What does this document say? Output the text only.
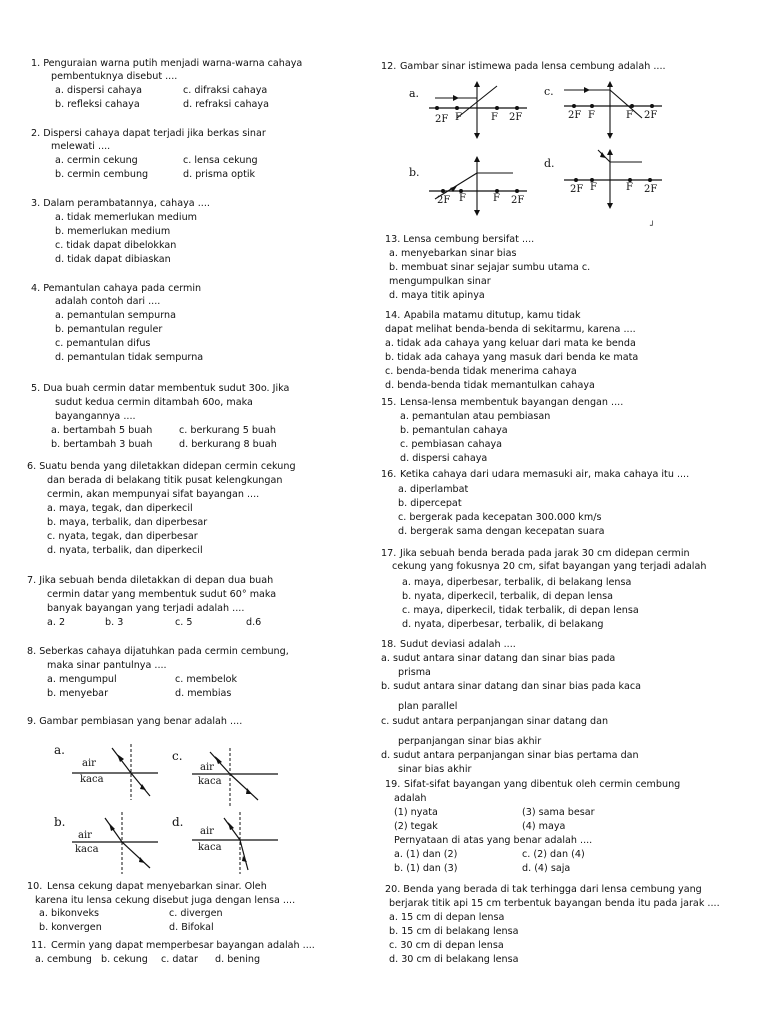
1. Penguraian warna putih menjadi warna-warna cahaya
pembentuknya disebut ....
a. dispersi cahaya
b. refleksi cahaya
c. difraksi cahaya
d. refraksi cahaya
2. Dispersi cahaya dapat terjadi jika berkas sinar
melewati ....
a. cermin cekung
b. cermin cembung
c. lensa cekung
d. prisma optik
3. Dalam perambatannya, cahaya ....
a. tidak memerlukan medium
b. memerlukan medium
c. tidak dapat dibelokkan
d. tidak dapat dibiaskan
4. Pemantulan cahaya pada cermin
adalah contoh dari ....
a. pemantulan sempurna
b. pemantulan reguler
c. pemantulan difus
d. pemantulan tidak sempurna
5. Dua buah cermin datar membentuk sudut 30o. Jika
sudut kedua cermin ditambah 60o, maka
bayangannya ....
a. bertambah 5 buah
b. bertambah 3 buah
c. berkurang 5 buah
d. berkurang 8 buah
6. Suatu benda yang diletakkan didepan cermin cekung
dan berada di belakang titik pusat kelengkungan
cermin, akan mempunyai sifat bayangan ....
a. maya, tegak, dan diperkecil
b. maya, terbalik, dan diperbesar
c. nyata, tegak, dan diperbesar
d. nyata, terbalik, dan diperkecil
7. Jika sebuah benda diletakkan di depan dua buah
cermin datar yang membentuk sudut 60° maka
banyak bayangan yang terjadi adalah ....
a. 2	b. 3	c. 5	d.6
8. Seberkas cahaya dijatuhkan pada cermin cembung,
maka sinar pantulnya ....
a. mengumpul
b. menyebar
c. membelok
d. membias
9. Gambar pembiasan yang benar adalah ....
a.
air
kaca
c.
air
kaca
b.
air
kaca
d.
air
kaca
10. Lensa cekung dapat menyebarkan sinar. Oleh
karena itu lensa cekung disebut juga dengan lensa ....
a. bikonveks
b. konvergen
c. divergen
d. Bifokal
11. Cermin yang dapat memperbesar bayangan adalah ....
a. cembung b. cekung c. datar d. bening
12. Gambar sinar istimewa pada lensa cembung adalah ....
a.
2F F	F 2F
c.
2F F	F 2F
b.
2F F	F 2F
d.
2F F	F 2F
┘
13. Lensa cembung bersifat ....
a. menyebarkan sinar bias
b. membuat sinar sejajar sumbu utama c.
mengumpulkan sinar
d. maya titik apinya
14. Apabila matamu ditutup, kamu tidak
dapat melihat benda-benda di sekitarmu, karena ....
a. tidak ada cahaya yang keluar dari mata ke benda
b. tidak ada cahaya yang masuk dari benda ke mata
c. benda-benda tidak menerima cahaya
d. benda-benda tidak memantulkan cahaya
15. Lensa-lensa membentuk bayangan dengan ....
a. pemantulan atau pembiasan
b. pemantulan cahaya
c. pembiasan cahaya
d. dispersi cahaya
16. Ketika cahaya dari udara memasuki air, maka cahaya itu ....
a. diperlambat
b. dipercepat
c. bergerak pada kecepatan 300.000 km/s
d. bergerak sama dengan kecepatan suara
17. Jika sebuah benda berada pada jarak 30 cm didepan cermin
cekung yang fokusnya 20 cm, sifat bayangan yang terjadi adalah
a. maya, diperbesar, terbalik, di belakang lensa
b. nyata, diperkecil, terbalik, di depan lensa
c. maya, diperkecil, tidak terbalik, di depan lensa
d. nyata, diperbesar, terbalik, di belakang
18. Sudut deviasi adalah ....
a. sudut antara sinar datang dan sinar bias pada
prisma
b. sudut antara sinar datang dan sinar bias pada kaca
plan parallel
c. sudut antara perpanjangan sinar datang dan
perpanjangan sinar bias akhir
d. sudut antara perpanjangan sinar bias pertama dan
sinar bias akhir
19. Sifat-sifat bayangan yang dibentuk oleh cermin cembung
adalah
(1) nyata
(2) tegak
(3) sama besar
(4) maya
Pernyataan di atas yang benar adalah ....
a. (1) dan (2)
b. (1) dan (3)
c. (2) dan (4)
d. (4) saja
20. Benda yang berada di tak terhingga dari lensa cembung yang
berjarak titik api 15 cm terbentuk bayangan benda itu pada jarak ....
a. 15 cm di depan lensa
b. 15 cm di belakang lensa
c. 30 cm di depan lensa
d. 30 cm di belakang lensa
